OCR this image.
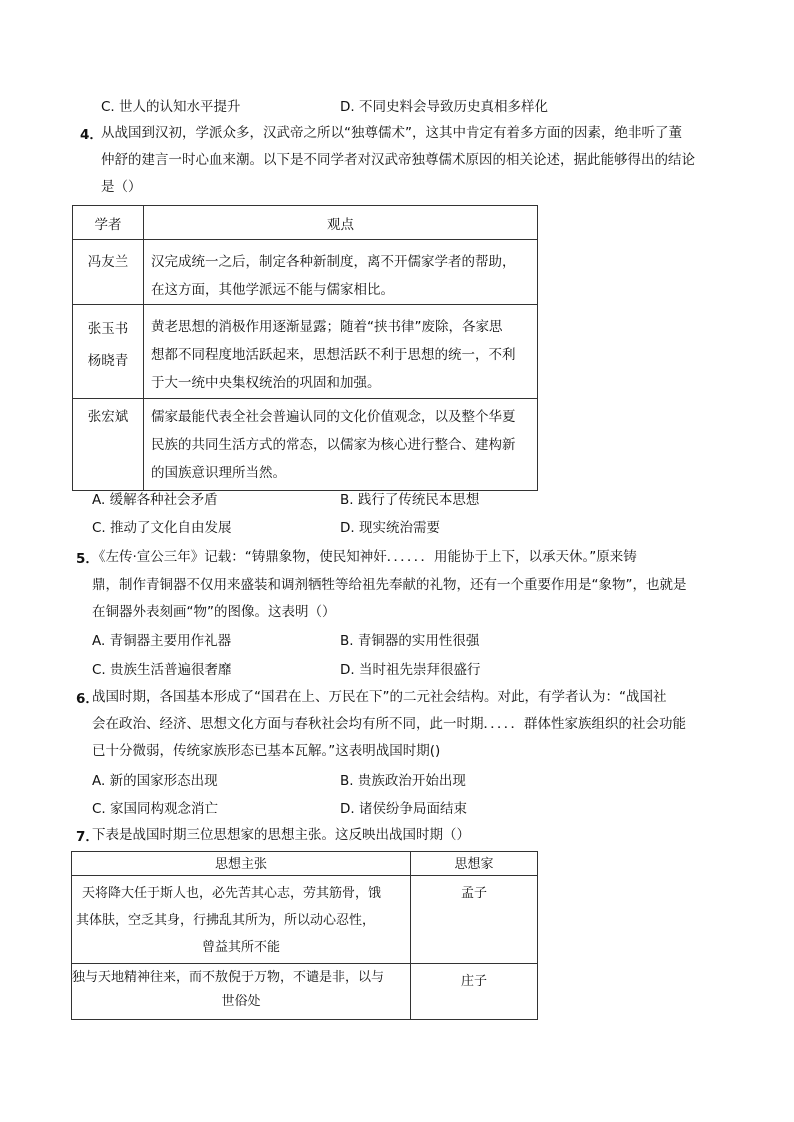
C. 世人的认知水平提升	D. 不同史料会导致历史真相多样化
4．
从战国到汉初，学派众多，汉武帝之所以“独尊儒术”，这其中肯定有着多方面的因素，绝非听了董
仲舒的建言一时心血来潮。以下是不同学者对汉武帝独尊儒术原因的相关论述，据此能够得出的结论
是（）
学者	观点

冯友兰	汉完成统一之后，制定各种新制度，离不开儒家学者的帮助，
在这方面，其他学派远不能与儒家相比。

张玉书
杨晓青	黄老思想的消极作用逐渐显露；随着“挟书律”废除，各家思
想都不同程度地活跃起来，思想活跃不利于思想的统一，不利
于大一统中央集权统治的巩固和加强。

张宏斌	儒家最能代表全社会普遍认同的文化价值观念，以及整个华夏
民族的共同生活方式的常态，以儒家为核心进行整合、建构新
的国族意识理所当然。
A. 缓解各种社会矛盾	B. 践行了传统民本思想
C. 推动了文化自由发展	D. 现实统治需要
5．
《左传·宣公三年》记载：“铸鼎象物，使民知神奸．．．．．．用能协于上下，以承天休。”原来铸
鼎，制作青铜器不仅用来盛装和调剂牺牲等给祖先奉献的礼物，还有一个重要作用是“象物”，也就是
在铜器外表刻画“物”的图像。这表明（）
A. 青铜器主要用作礼器	B. 青铜器的实用性很强
C. 贵族生活普遍很奢靡	D. 当时祖先崇拜很盛行
6．
战国时期，各国基本形成了“国君在上、万民在下”的二元社会结构。对此，有学者认为：“战国社
会在政治、经济、思想文化方面与春秋社会均有所不同，此一时期．．．．．群体性家族组织的社会功能
已十分微弱，传统家族形态已基本瓦解。”这表明战国时期()
A. 新的国家形态出现	B. 贵族政治开始出现
C. 家国同构观念消亡	D. 诸侯纷争局面结束
7．
下表是战国时期三位思想家的思想主张。这反映出战国时期（）
思想主张	思想家

天将降大任于斯人也，必先苦其心志，劳其筋骨，饿
其体肤，空乏其身，行拂乱其所为，所以动心忍性，
曾益其所不能	孟子

独与天地精神往来，而不敖倪于万物，不谴是非，以与
世俗处	庄子
